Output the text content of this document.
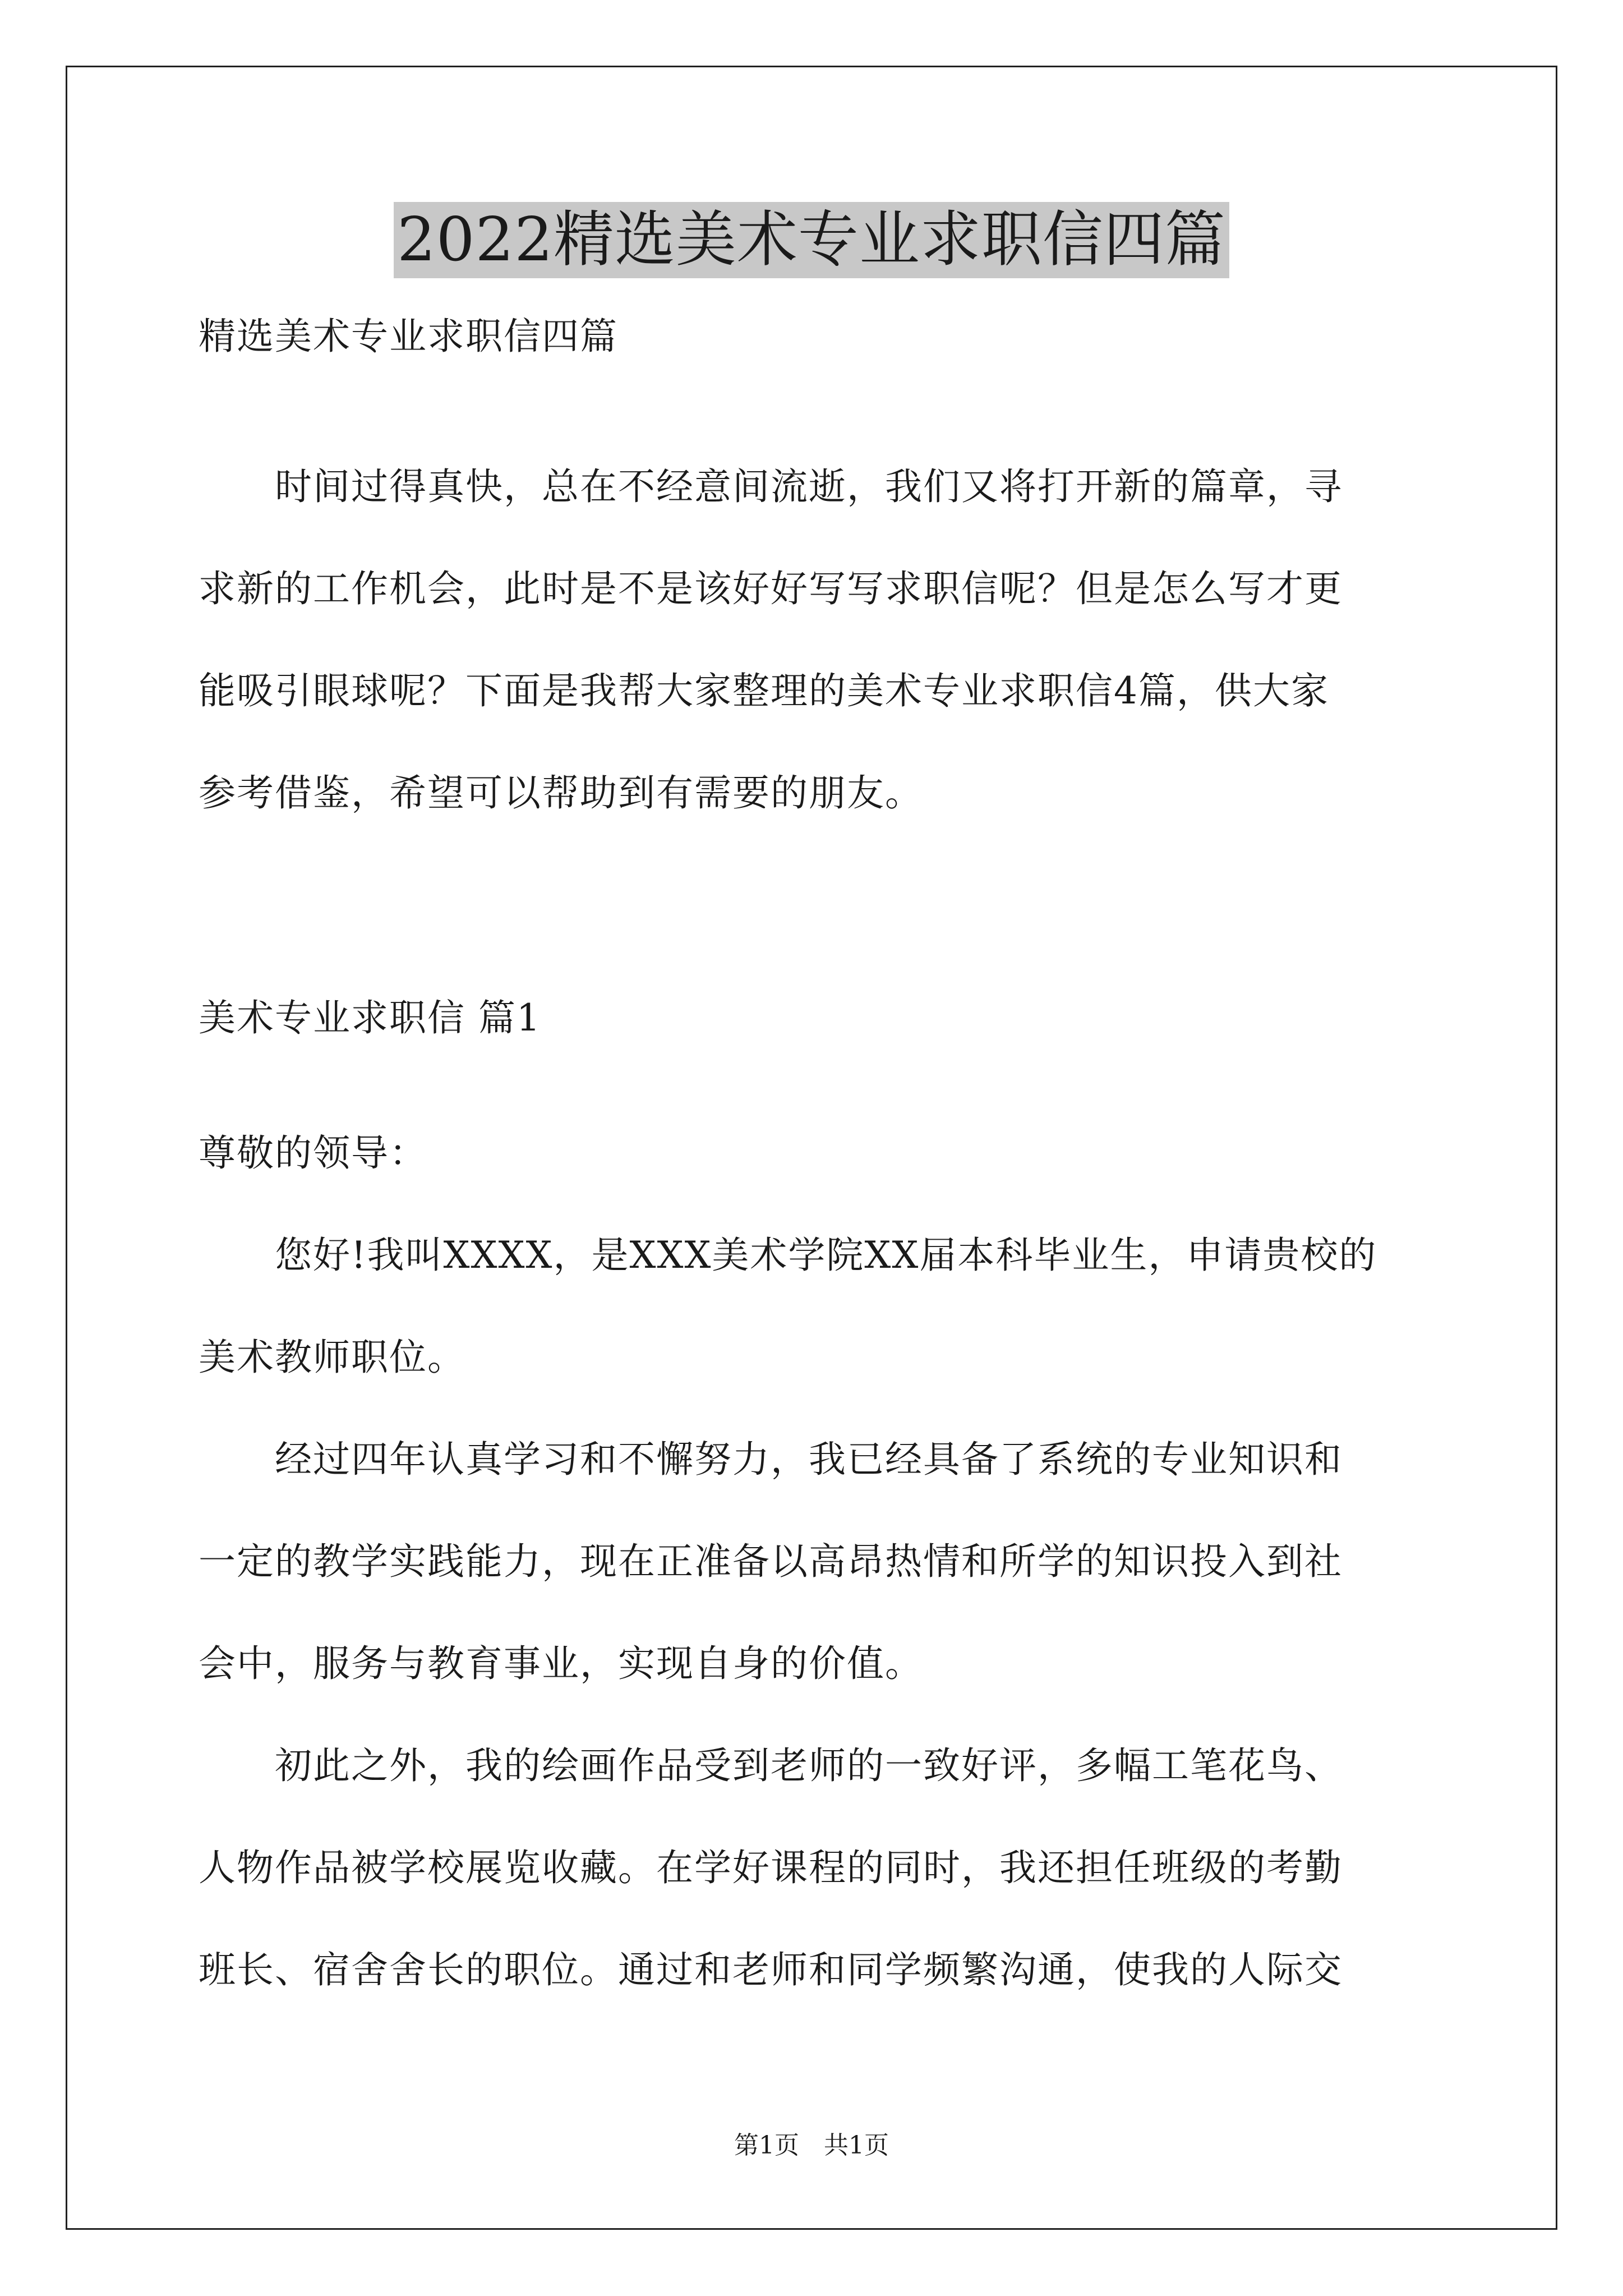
2022精选美术专业求职信四篇
精选美术专业求职信四篇
　　时间过得真快，总在不经意间流逝，我们又将打开新的篇章，寻
求新的工作机会，此时是不是该好好写写求职信呢？但是怎么写才更
能吸引眼球呢？下面是我帮大家整理的美术专业求职信4篇，供大家
参考借鉴，希望可以帮助到有需要的朋友。
美术专业求职信 篇1
尊敬的领导：
　　您好!我叫XXXX，是XXX美术学院XX届本科毕业生，申请贵校的
美术教师职位。
　　经过四年认真学习和不懈努力，我已经具备了系统的专业知识和
一定的教学实践能力，现在正准备以高昂热情和所学的知识投入到社
会中，服务与教育事业，实现自身的价值。
　　初此之外，我的绘画作品受到老师的一致好评，多幅工笔花鸟、
人物作品被学校展览收藏。在学好课程的同时，我还担任班级的考勤
班长、宿舍舍长的职位。通过和老师和同学频繁沟通，使我的人际交
第1页　共1页
